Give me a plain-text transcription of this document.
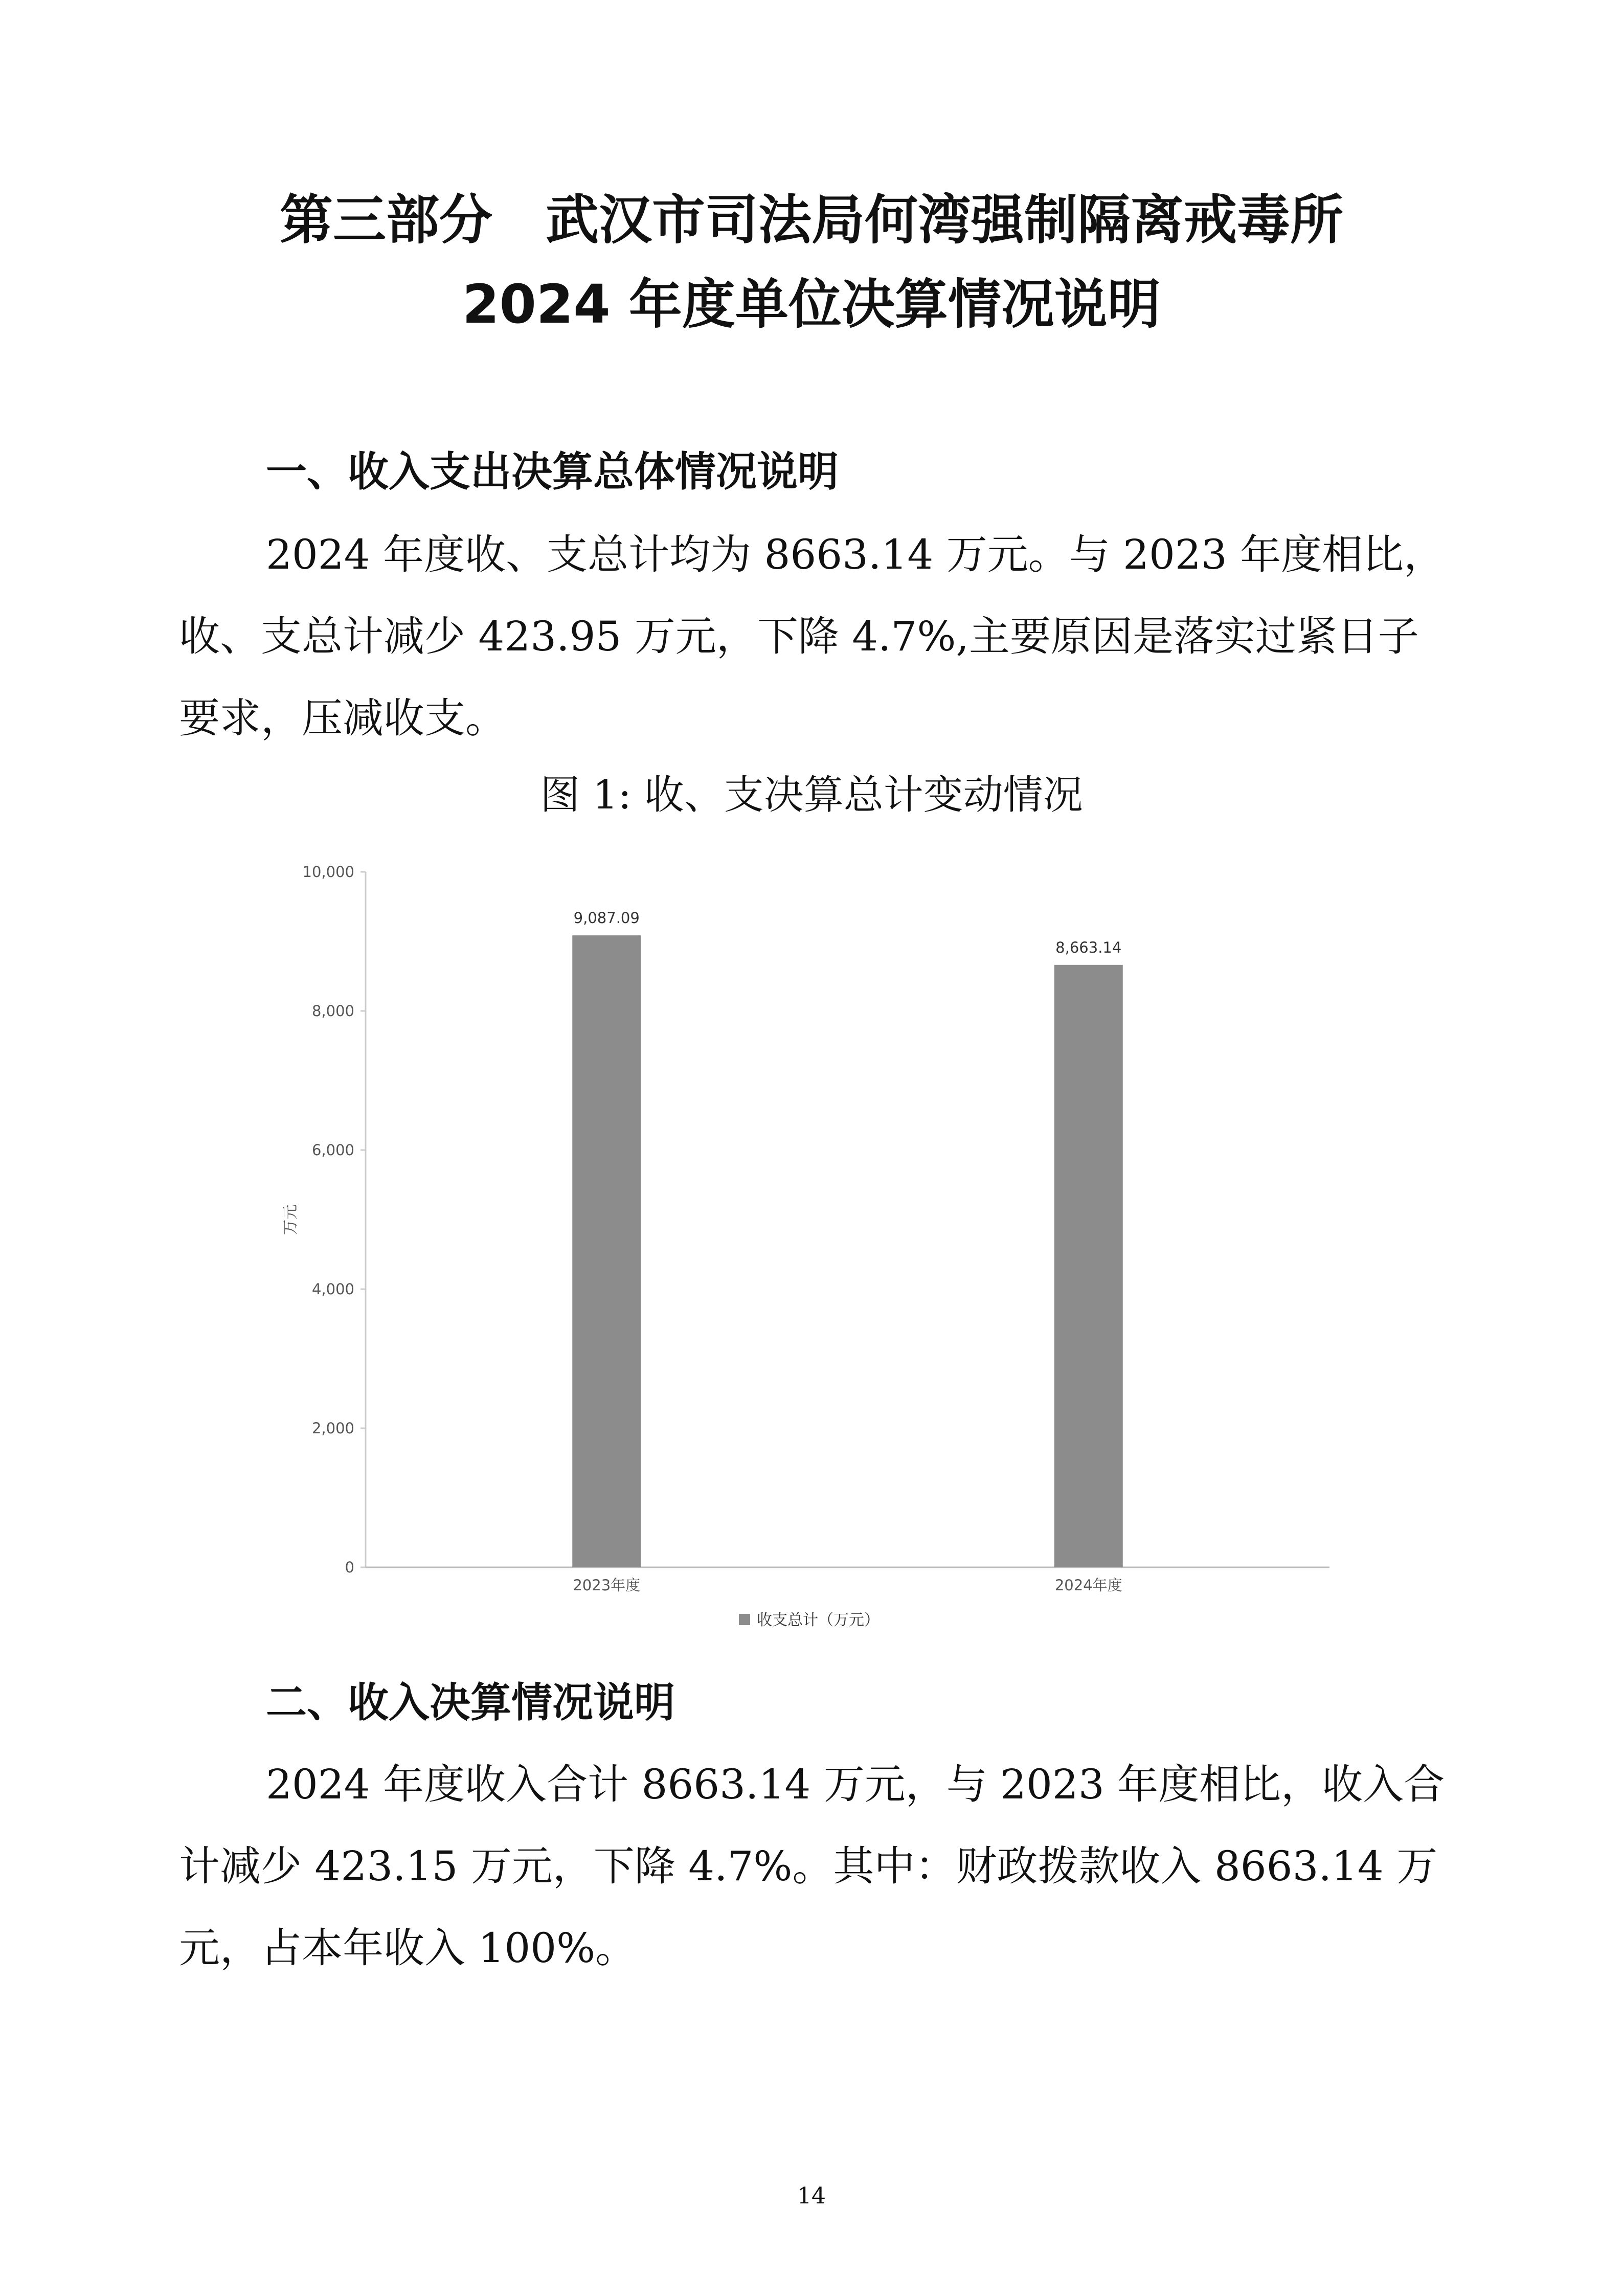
第三部分　武汉市司法局何湾强制隔离戒毒所
2024 年度单位决算情况说明
一、收入支出决算总体情况说明
2024 年度收、支总计均为 8663.14 万元。与 2023 年度相比，
收、支总计减少 423.95 万元，下降 4.7%,主要原因是落实过紧日子
要求，压减收支。
图 1: 收、支决算总计变动情况
0
2,000
4,000
6,000
8,000
10,000
9,087.09
2023年度
8,663.14
2024年度
万元
收支总计（万元）
二、收入决算情况说明
2024 年度收入合计 8663.14 万元，与 2023 年度相比，收入合
计减少 423.15 万元，下降 4.7%。其中：财政拨款收入 8663.14 万
元，占本年收入 100%。
14
